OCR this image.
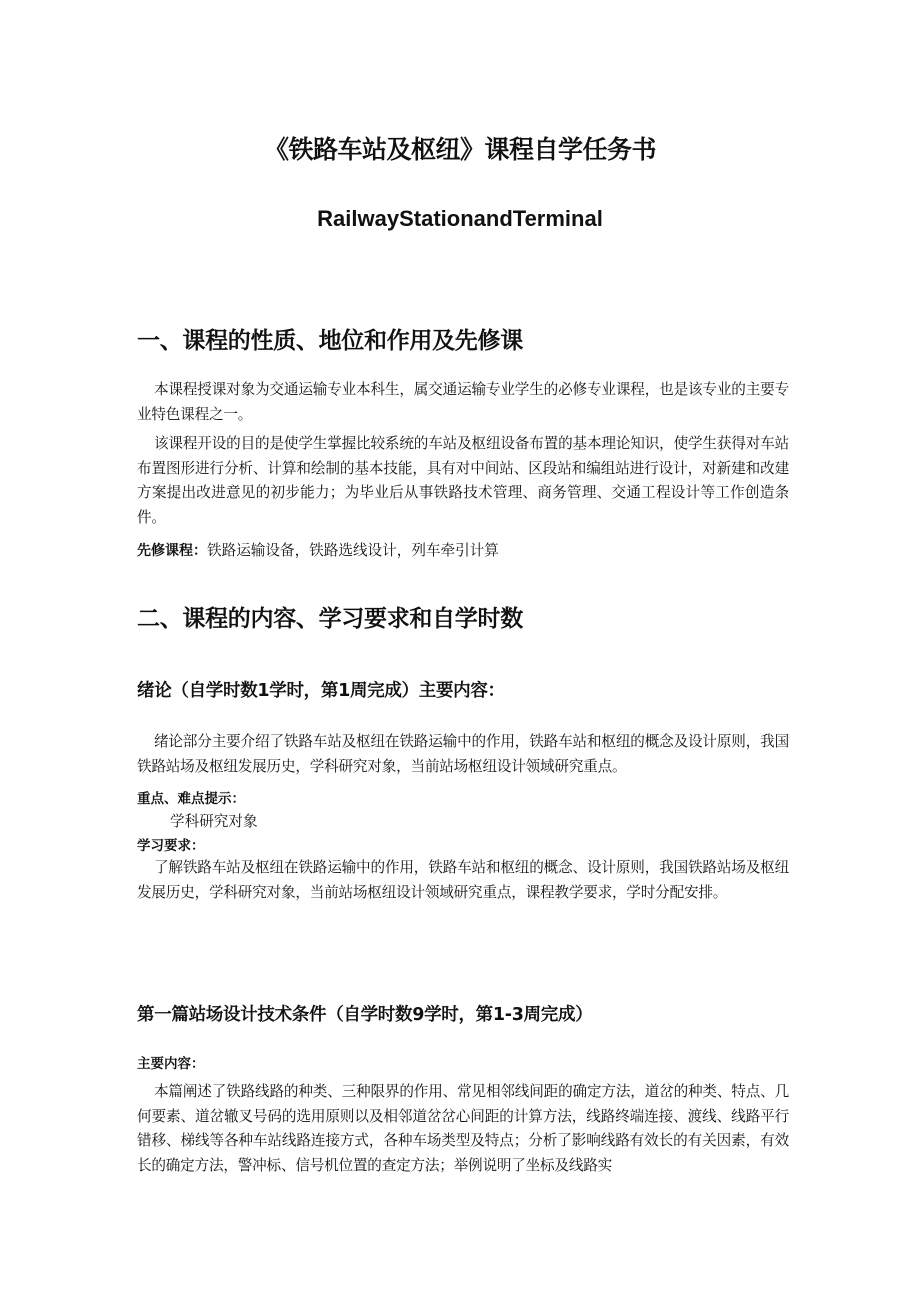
《铁路车站及枢纽》课程自学任务书
RailwayStationandTerminal
一、课程的性质、地位和作用及先修课

本课程授课对象为交通运输专业本科生，属交通运输专业学生的必修专业课程，也是该专业的主要专业特色课程之一。

该课程开设的目的是使学生掌握比较系统的车站及枢纽设备布置的基本理论知识，使学生获得对车站布置图形进行分析、计算和绘制的基本技能，具有对中间站、区段站和编组站进行设计，对新建和改建方案提出改进意见的初步能力；为毕业后从事铁路技术管理、商务管理、交通工程设计等工作创造条件。

先修课程：铁路运输设备，铁路选线设计，列车牵引计算
二、课程的内容、学习要求和自学时数
绪论（自学时数1学时，第1周完成）主要内容：

绪论部分主要介绍了铁路车站及枢纽在铁路运输中的作用，铁路车站和枢纽的概念及设计原则，我国铁路站场及枢纽发展历史，学科研究对象，当前站场枢纽设计领域研究重点。

重点、难点提示：
学科研究对象
学习要求：

了解铁路车站及枢纽在铁路运输中的作用，铁路车站和枢纽的概念、设计原则，我国铁路站场及枢纽发展历史，学科研究对象，当前站场枢纽设计领域研究重点，课程教学要求，学时分配安排。

第一篇站场设计技术条件（自学时数9学时，第1-3周完成）
主要内容：

本篇阐述了铁路线路的种类、三种限界的作用、常见相邻线间距的确定方法，道岔的种类、特点、几何要素、道岔辙叉号码的选用原则以及相邻道岔岔心间距的计算方法，线路终端连接、渡线、线路平行错移、梯线等各种车站线路连接方式，各种车场类型及特点；分析了影响线路有效长的有关因素，有效长的确定方法，警冲标、信号机位置的查定方法；举例说明了坐标及线路实
